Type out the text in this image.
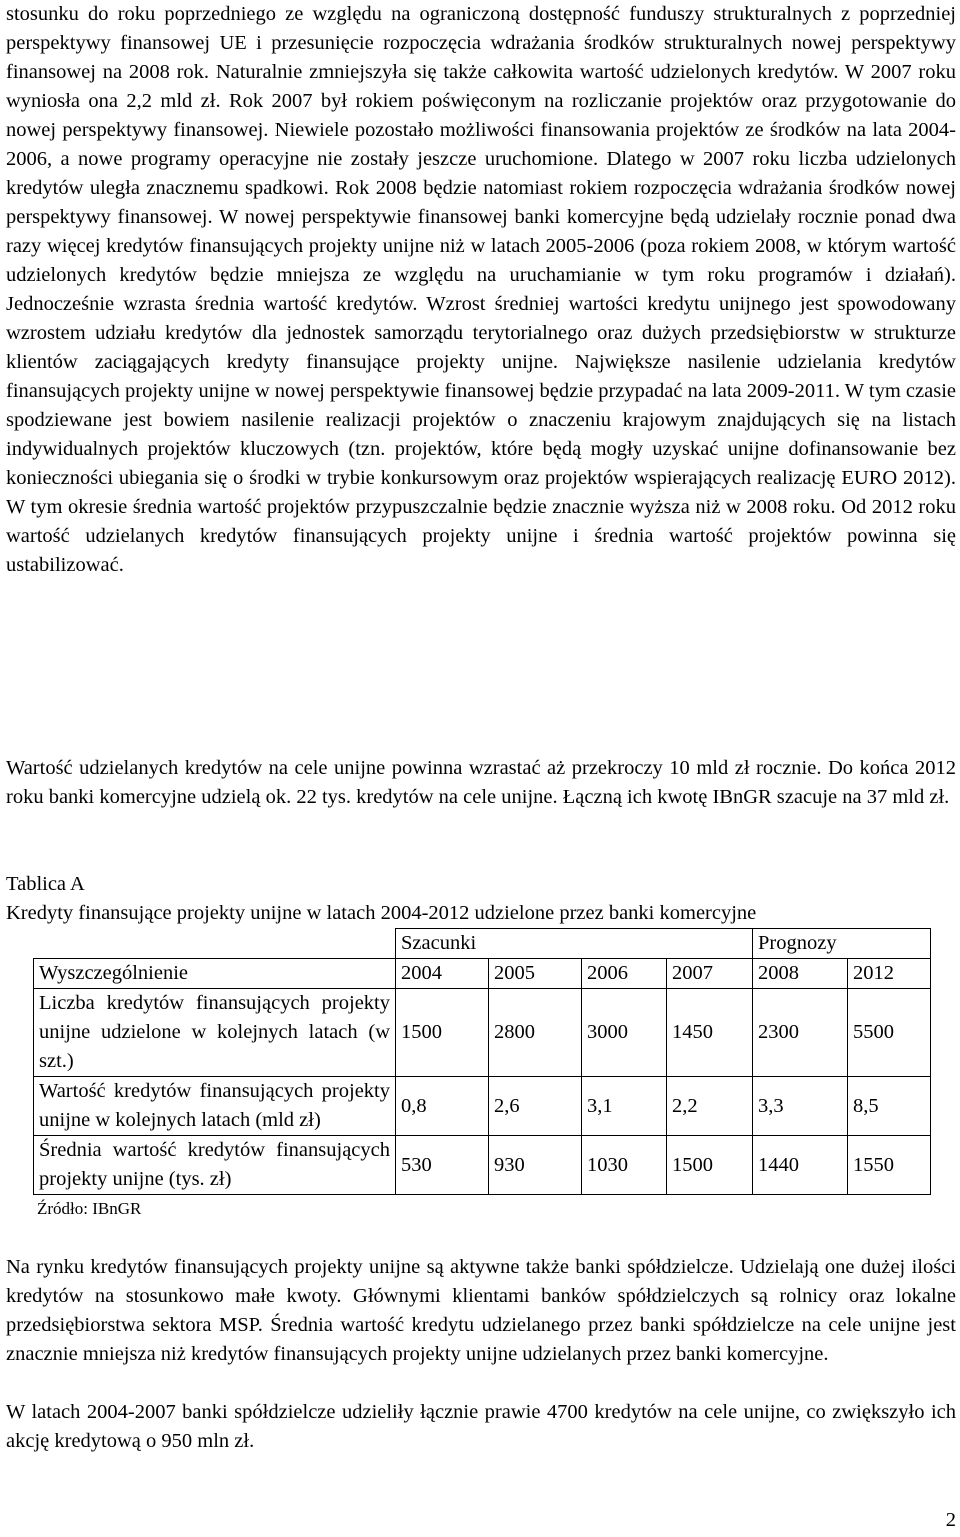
stosunku do roku poprzedniego ze względu na ograniczoną dostępność funduszy strukturalnych z poprzedniej perspektywy finansowej UE i przesunięcie rozpoczęcia wdrażania środków strukturalnych nowej perspektywy finansowej na 2008 rok. Naturalnie zmniejszyła się także całkowita wartość udzielonych kredytów. W 2007 roku wyniosła ona 2,2 mld zł. Rok 2007 był rokiem poświęconym na rozliczanie projektów oraz przygotowanie do nowej perspektywy finansowej. Niewiele pozostało możliwości finansowania projektów ze środków na lata 2004-2006, a nowe programy operacyjne nie zostały jeszcze uruchomione. Dlatego w 2007 roku liczba udzielonych kredytów uległa znacznemu spadkowi. Rok 2008 będzie natomiast rokiem rozpoczęcia wdrażania środków nowej perspektywy finansowej. W nowej perspektywie finansowej banki komercyjne będą udzielały rocznie ponad dwa razy więcej kredytów finansujących projekty unijne niż w latach 2005-2006 (poza rokiem 2008, w którym wartość udzielonych kredytów będzie mniejsza ze względu na uruchamianie w tym roku programów i działań). Jednocześnie wzrasta średnia wartość kredytów. Wzrost średniej wartości kredytu unijnego jest spowodowany wzrostem udziału kredytów dla jednostek samorządu terytorialnego oraz dużych przedsiębiorstw w strukturze klientów zaciągających kredyty finansujące projekty unijne. Największe nasilenie udzielania kredytów finansujących projekty unijne w nowej perspektywie finansowej będzie przypadać na lata 2009-2011. W tym czasie spodziewane jest bowiem nasilenie realizacji projektów o znaczeniu krajowym znajdujących się na listach indywidualnych projektów kluczowych (tzn. projektów, które będą mogły uzyskać unijne dofinansowanie bez konieczności ubiegania się o środki w trybie konkursowym oraz projektów wspierających realizację EURO 2012). W tym okresie średnia wartość projektów przypuszczalnie będzie znacznie wyższa niż w 2008 roku. Od 2012 roku wartość udzielanych kredytów finansujących projekty unijne i średnia wartość projektów powinna się ustabilizować.

Wartość udzielanych kredytów na cele unijne powinna wzrastać aż przekroczy 10 mld zł rocznie. Do końca 2012 roku banki komercyjne udzielą ok. 22 tys. kredytów na cele unijne. Łączną ich kwotę IBnGR szacuje na 37 mld zł.

Tablica A
Kredyty finansujące projekty unijne w latach 2004-2012 udzielone przez banki komercyjne
	Szacunki				Prognozy	
Wyszczególnienie	2004	2005	2006	2007	2008	2012
Liczba kredytów finansujących projekty unijne udzielone w kolejnych latach (w szt.)	1500	2800	3000	1450	2300	5500
Wartość kredytów finansujących projekty unijne w kolejnych latach (mld zł)	0,8	2,6	3,1	2,2	3,3	8,5
Średnia wartość kredytów finansujących projekty unijne (tys. zł)	530	930	1030	1500	1440	1550
Źródło: IBnGR

Na rynku kredytów finansujących projekty unijne są aktywne także banki spółdzielcze. Udzielają one dużej ilości kredytów na stosunkowo małe kwoty. Głównymi klientami banków spółdzielczych są rolnicy oraz lokalne przedsiębiorstwa sektora MSP. Średnia wartość kredytu udzielanego przez banki spółdzielcze na cele unijne jest znacznie mniejsza niż kredytów finansujących projekty unijne udzielanych przez banki komercyjne.

W latach 2004-2007 banki spółdzielcze udzieliły łącznie prawie 4700 kredytów na cele unijne, co zwiększyło ich akcję kredytową o 950 mln zł.

2
